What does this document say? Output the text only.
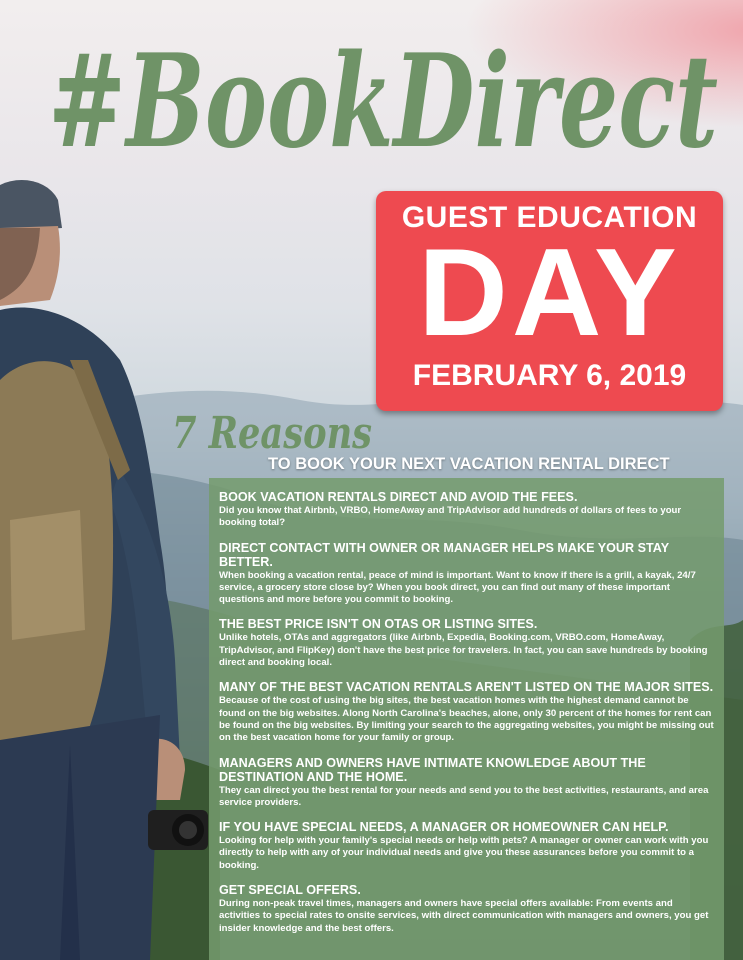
#BookDirect
GUEST EDUCATION
DAY
FEBRUARY 6, 2019
7 Reasons
TO BOOK YOUR NEXT VACATION RENTAL DIRECT
BOOK VACATION RENTALS DIRECT AND AVOID THE FEES.
Did you know that Airbnb, VRBO, HomeAway and TripAdvisor add hundreds of dollars of fees to your booking total?
DIRECT CONTACT WITH OWNER OR MANAGER HELPS MAKE YOUR STAY BETTER.
When booking a vacation rental, peace of mind is important. Want to know if there is a grill, a kayak, 24/7 service, a grocery store close by? When you book direct, you can find out many of these important questions and more before you commit to booking.
THE BEST PRICE ISN'T ON OTAS OR LISTING SITES.
Unlike hotels, OTAs and aggregators (like Airbnb, Expedia, Booking.com, VRBO.com, HomeAway, TripAdvisor, and FlipKey) don't have the best price for travelers. In fact, you can save hundreds by booking direct and booking local.
MANY OF THE BEST VACATION RENTALS AREN'T LISTED ON THE MAJOR SITES.
Because of the cost of using the big sites, the best vacation homes with the highest demand cannot be found on the big websites. Along North Carolina's beaches, alone, only 30 percent of the homes for rent can be found on the big websites. By limiting your search to the aggregating websites, you might be missing out on the best vacation home for your family or group.
MANAGERS AND OWNERS HAVE INTIMATE KNOWLEDGE ABOUT THE
DESTINATION AND THE HOME.
They can direct you the best rental for your needs and send you to the best activities, restaurants, and area service providers.
IF YOU HAVE SPECIAL NEEDS, A MANAGER OR HOMEOWNER CAN HELP.
Looking for help with your family's special needs or help with pets? A manager or owner can work with you directly to help with any of your individual needs and give you these assurances before you commit to a booking.
GET SPECIAL OFFERS.
During non-peak travel times, managers and owners have special offers available: From events and activities to special rates to onsite services, with direct communication with managers and owners, you get insider knowledge and the best offers.
